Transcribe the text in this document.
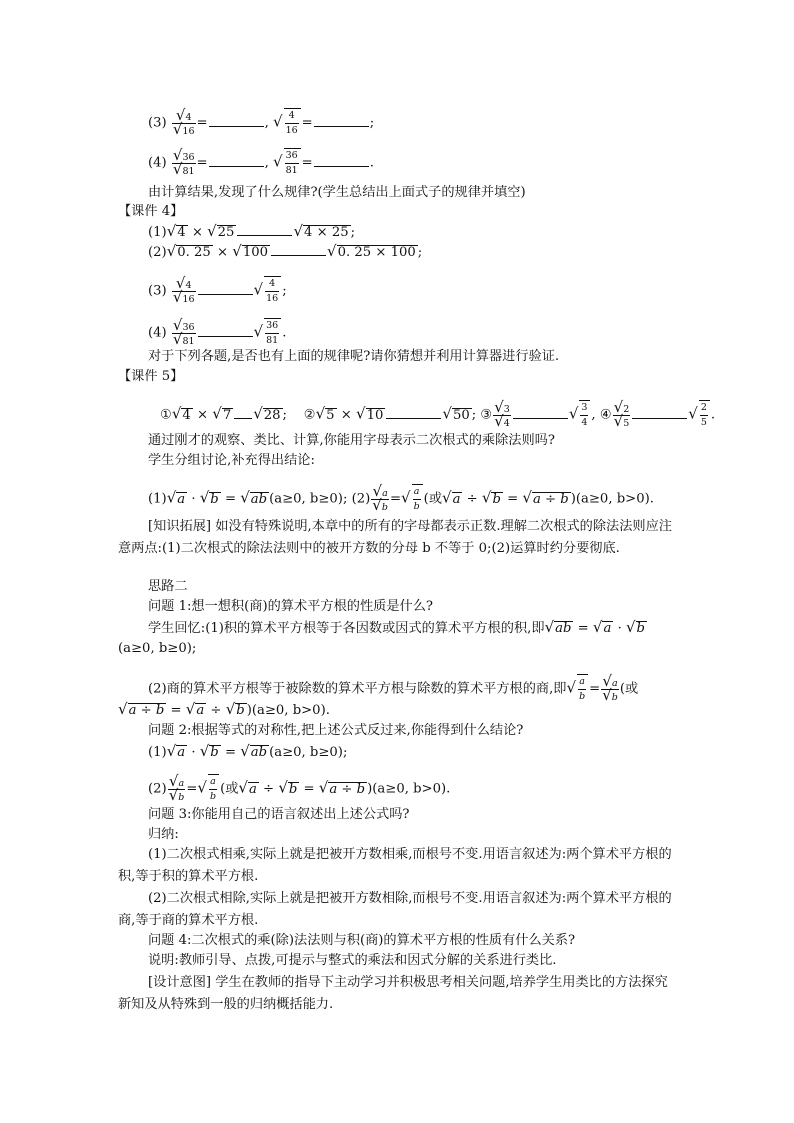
$(3) \frac{√4}{√16}$ =	, √ $\frac{4}{16}$ =	;
$(4) \frac{√36}{√81}$ =	, √ $\frac{36}{81}$ =	.
由计算结果,发现了什么规律?(学生总结出上面式子的规律并填空)
【课件 4】
(1)√4 × √25	√4 × 25 ;
(2)√0. 25 × √100	√0. 25 × 100 ;
$(3) \frac{√4}{√16}$	√ $\frac{4}{16}$ ;
$(4) \frac{√36}{√81}$	√ $\frac{36}{81}$ .
对于下列各题,是否也有上面的规律呢?请你猜想并利用计算器进行验证.
【课件 5】
①√4 × √7 √28 ; ②√5 × √10	√50 ; ③ $\frac{√3}{√4}$	√ $\frac{3}{4}$ , ④ $\frac{√2}{√5}$	√ $\frac{2}{5}$ .
通过刚才的观察、类比、计算,你能用字母表示二次根式的乘除法则吗?
学生分组讨论,补充得出结论:
(1)√a · √b = √ab (a≥0, b≥0); $(2) \frac{√a}{√b}$ =√ $\frac{a}{b}$ (或√a ÷ √b = √a ÷ b )(a≥0, b>0).
[知识拓展] 如没有特殊说明,本章中的所有的字母都表示正数.理解二次根式的除法法则应注意两点:(1)二次根式的除法法则中的被开方数的分母 b 不等于 0;(2)运算时约分要彻底.
思路二
问题 1:想一想积(商)的算术平方根的性质是什么?
学生回忆:(1)积的算术平方根等于各因数或因式的算术平方根的积,即√ab = √a · √b
(a≥0, b≥0);
(2)商的算术平方根等于被除数的算术平方根与除数的算术平方根的商,即√ $\frac{a}{b} = \frac{√a}{√b}$ (或
√a ÷ b = √a ÷ √b )(a≥0, b>0).
问题 2:根据等式的对称性,把上述公式反过来,你能得到什么结论?
(1)√a · √b = √ab (a≥0, b≥0);
$(2) \frac{√a}{√b}$ =√ $\frac{a}{b}$ (或√a ÷ √b = √a ÷ b )(a≥0, b>0).
问题 3:你能用自己的语言叙述出上述公式吗?
归纳:
(1)二次根式相乘,实际上就是把被开方数相乘,而根号不变.用语言叙述为:两个算术平方根的积,等于积的算术平方根.
(2)二次根式相除,实际上就是把被开方数相除,而根号不变.用语言叙述为:两个算术平方根的商,等于商的算术平方根.
问题 4:二次根式的乘(除)法法则与积(商)的算术平方根的性质有什么关系?
说明:教师引导、点拨,可提示与整式的乘法和因式分解的关系进行类比.
[设计意图] 学生在教师的指导下主动学习并积极思考相关问题,培养学生用类比的方法探究新知及从特殊到一般的归纳概括能力.
